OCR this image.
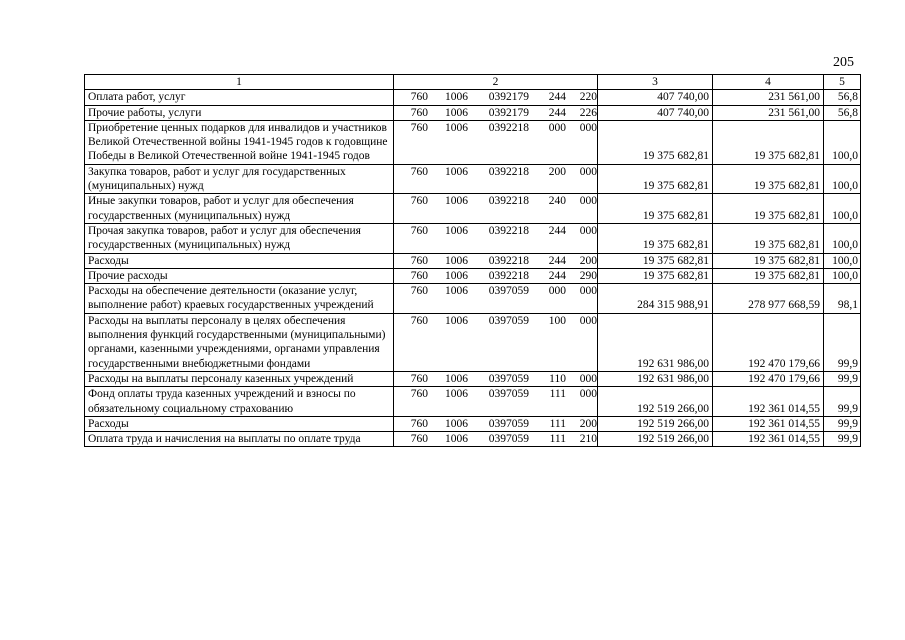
205
1	2	3	4	5
Оплата работ, услуг	760 1006 0392179 244 220	407 740,00	231 561,00	56,8
Прочие работы, услуги	760 1006 0392179 244 226	407 740,00	231 561,00	56,8
Приобретение ценных подарков для инвалидов и участников Великой Отечественной войны 1941-1945 годов к годовщине Победы в Великой Отечественной войне 1941-1945 годов	760 1006 0392218 000 000	19 375 682,81	19 375 682,81	100,0
Закупка товаров, работ и услуг для государственных (муниципальных) нужд	760 1006 0392218 200 000	19 375 682,81	19 375 682,81	100,0
Иные закупки товаров, работ и услуг для обеспечения государственных (муниципальных) нужд	760 1006 0392218 240 000	19 375 682,81	19 375 682,81	100,0
Прочая закупка товаров, работ и услуг для обеспечения государственных (муниципальных) нужд	760 1006 0392218 244 000	19 375 682,81	19 375 682,81	100,0
Расходы	760 1006 0392218 244 200	19 375 682,81	19 375 682,81	100,0
Прочие расходы	760 1006 0392218 244 290	19 375 682,81	19 375 682,81	100,0
Расходы на обеспечение деятельности (оказание услуг, выполнение работ) краевых государственных учреждений	760 1006 0397059 000 000	284 315 988,91	278 977 668,59	98,1
Расходы на выплаты персоналу в целях обеспечения выполнения функций государственными (муниципальными) органами, казенными учреждениями, органами управления государственными внебюджетными фондами	760 1006 0397059 100 000	192 631 986,00	192 470 179,66	99,9
Расходы на выплаты персоналу казенных учреждений	760 1006 0397059 110 000	192 631 986,00	192 470 179,66	99,9
Фонд оплаты труда казенных учреждений и взносы по обязательному социальному страхованию	760 1006 0397059 111 000	192 519 266,00	192 361 014,55	99,9
Расходы	760 1006 0397059 111 200	192 519 266,00	192 361 014,55	99,9
Оплата труда и начисления на выплаты по оплате труда	760 1006 0397059 111 210	192 519 266,00	192 361 014,55	99,9
